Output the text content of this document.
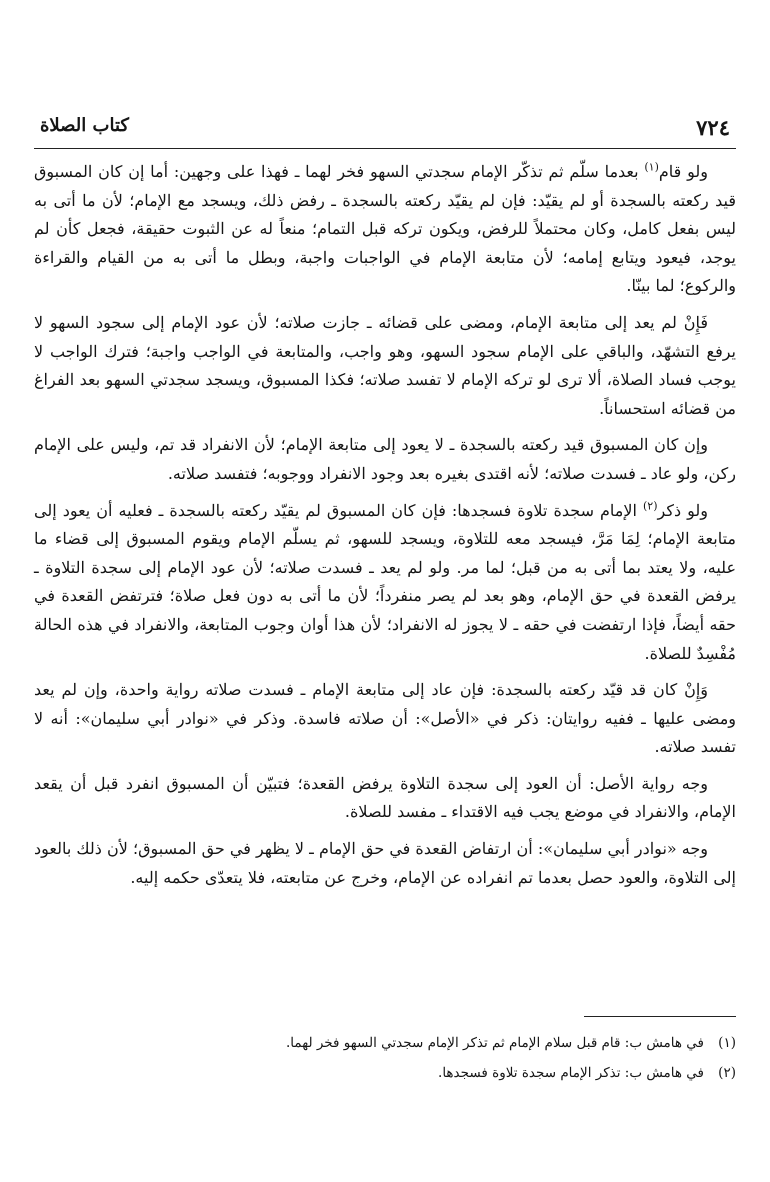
٧٢٤
كتاب الصلاة

ولو قام$^{(١)}$ بعدما سلّم ثم تذكّر الإمام سجدتي السهو فخر لهما ـ فهذا على وجهين: أما إن كان المسبوق قيد ركعته بالسجدة أو لم يقيّد: فإن لم يقيّد ركعته بالسجدة ـ رفض ذلك، ويسجد مع الإمام؛ لأن ما أتى به ليس بفعل كامل، وكان محتملاً للرفض، ويكون تركه قبل التمام؛ منعاً له عن الثبوت حقيقة، فجعل كأن لم يوجد، فيعود ويتابع إمامه؛ لأن متابعة الإمام في الواجبات واجبة، وبطل ما أتى به من القيام والقراءة والركوع؛ لما بينّا.

فَإِنْ لم يعد إلى متابعة الإمام، ومضى على قضائه ـ جازت صلاته؛ لأن عود الإمام إلى سجود السهو لا يرفع التشهّد، والباقي على الإمام سجود السهو، وهو واجب، والمتابعة في الواجب واجبة؛ فترك الواجب لا يوجب فساد الصلاة، ألا ترى لو تركه الإمام لا تفسد صلاته؛ فكذا المسبوق، ويسجد سجدتي السهو بعد الفراغ من قضائه استحساناً.

وإن كان المسبوق قيد ركعته بالسجدة ـ لا يعود إلى متابعة الإمام؛ لأن الانفراد قد تم، وليس على الإمام ركن، ولو عاد ـ فسدت صلاته؛ لأنه اقتدى بغيره بعد وجود الانفراد ووجوبه؛ فتفسد صلاته.

ولو ذكر$^{(٢)}$ الإمام سجدة تلاوة فسجدها: فإن كان المسبوق لم يقيّد ركعته بالسجدة ـ فعليه أن يعود إلى متابعة الإمام؛ لِمَا مَرَّ، فيسجد معه للتلاوة، ويسجد للسهو، ثم يسلّم الإمام ويقوم المسبوق إلى قضاء ما عليه، ولا يعتد بما أتى به من قبل؛ لما مر. ولو لم يعد ـ فسدت صلاته؛ لأن عود الإمام إلى سجدة التلاوة ـ يرفض القعدة في حق الإمام، وهو بعد لم يصر منفرداً؛ لأن ما أتى به دون فعل صلاة؛ فترتفض القعدة في حقه أيضاً، فإذا ارتفضت في حقه ـ لا يجوز له الانفراد؛ لأن هذا أوان وجوب المتابعة، والانفراد في هذه الحالة مُفْسِدٌ للصلاة.

وَإِنْ كان قد قيّد ركعته بالسجدة: فإن عاد إلى متابعة الإمام ـ فسدت صلاته رواية واحدة، وإن لم يعد ومضى عليها ـ ففيه روايتان: ذكر في «الأصل»: أن صلاته فاسدة. وذكر في «نوادر أبي سليمان»: أنه لا تفسد صلاته.

وجه رواية الأصل: أن العود إلى سجدة التلاوة يرفض القعدة؛ فتبيّن أن المسبوق انفرد قبل أن يقعد الإمام، والانفراد في موضع يجب فيه الاقتداء ـ مفسد للصلاة.

وجه «نوادر أبي سليمان»: أن ارتفاض القعدة في حق الإمام ـ لا يظهر في حق المسبوق؛ لأن ذلك بالعود إلى التلاوة، والعود حصل بعدما تم انفراده عن الإمام، وخرج عن متابعته، فلا يتعدّى حكمه إليه.

(١)
في هامش ب: قام قبل سلام الإمام ثم تذكر الإمام سجدتي السهو فخر لهما.

(٢)
في هامش ب: تذكر الإمام سجدة تلاوة فسجدها.
